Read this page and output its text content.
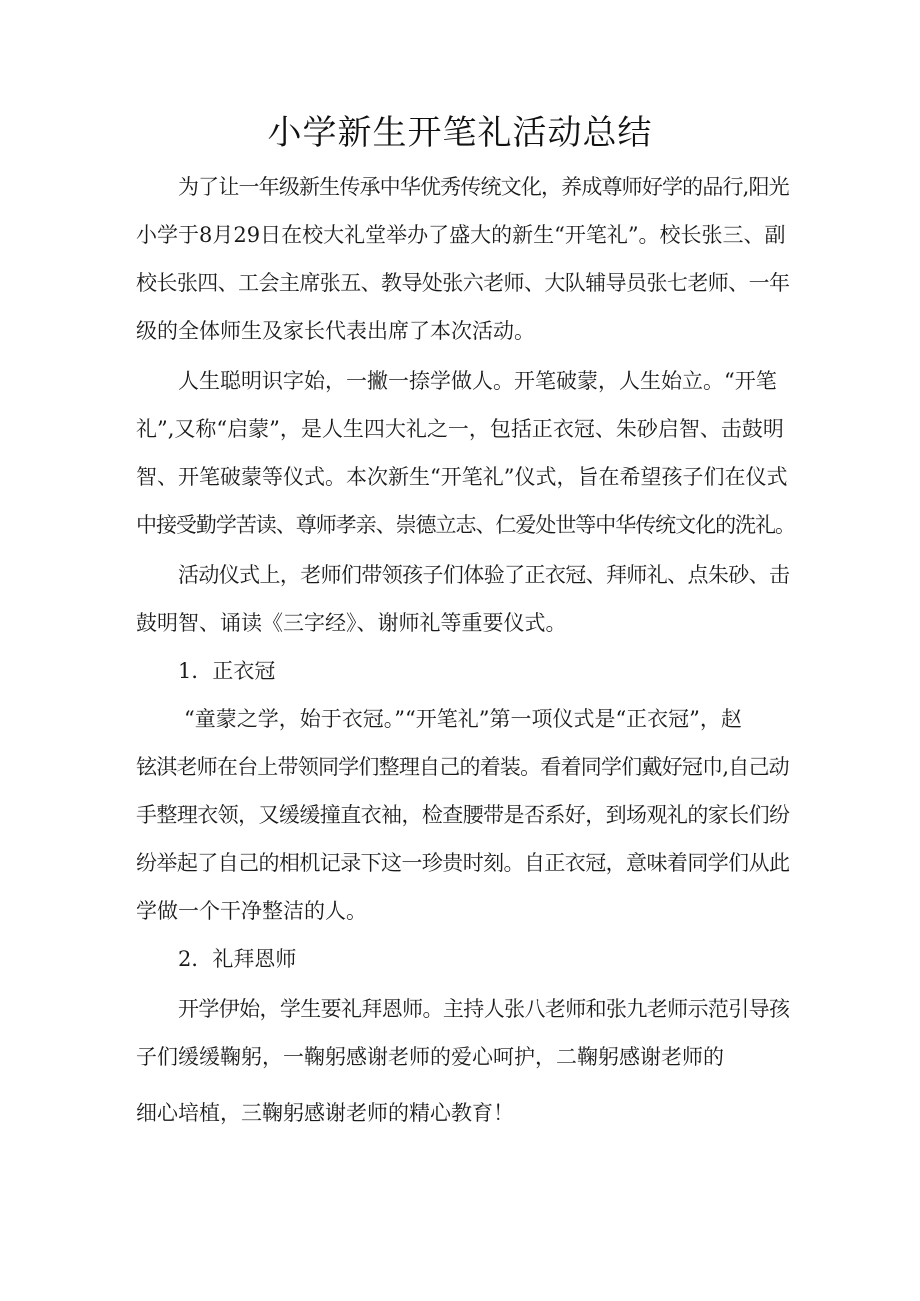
小学新生开笔礼活动总结
为了让一年级新生传承中华优秀传统文化，养成尊师好学的品行,阳光
小学于8月29日在校大礼堂举办了盛大的新生“开笔礼”。校长张三、副
校长张四、工会主席张五、教导处张六老师、大队辅导员张七老师、一年
级的全体师生及家长代表出席了本次活动。
人生聪明识字始，一撇一捺学做人。开笔破蒙，人生始立。“开笔
礼”,又称“启蒙”，是人生四大礼之一，包括正衣冠、朱砂启智、击鼓明
智、开笔破蒙等仪式。本次新生“开笔礼”仪式，旨在希望孩子们在仪式
中接受勤学苦读、尊师孝亲、崇德立志、仁爱处世等中华传统文化的洗礼。
活动仪式上，老师们带领孩子们体验了正衣冠、拜师礼、点朱砂、击
鼓明智、诵读《三字经》、谢师礼等重要仪式。
1．正衣冠
“童蒙之学，始于衣冠。”“开笔礼”第一项仪式是“正衣冠”，赵
铉淇老师在台上带领同学们整理自己的着装。看着同学们戴好冠巾,自己动
手整理衣领，又缓缓撞直衣袖，检查腰带是否系好，到场观礼的家长们纷
纷举起了自己的相机记录下这一珍贵时刻。自正衣冠，意味着同学们从此
学做一个干净整洁的人。
2．礼拜恩师
开学伊始，学生要礼拜恩师。主持人张八老师和张九老师示范引导孩
子们缓缓鞠躬，一鞠躬感谢老师的爱心呵护，二鞠躬感谢老师的
细心培植，三鞠躬感谢老师的精心教育！
